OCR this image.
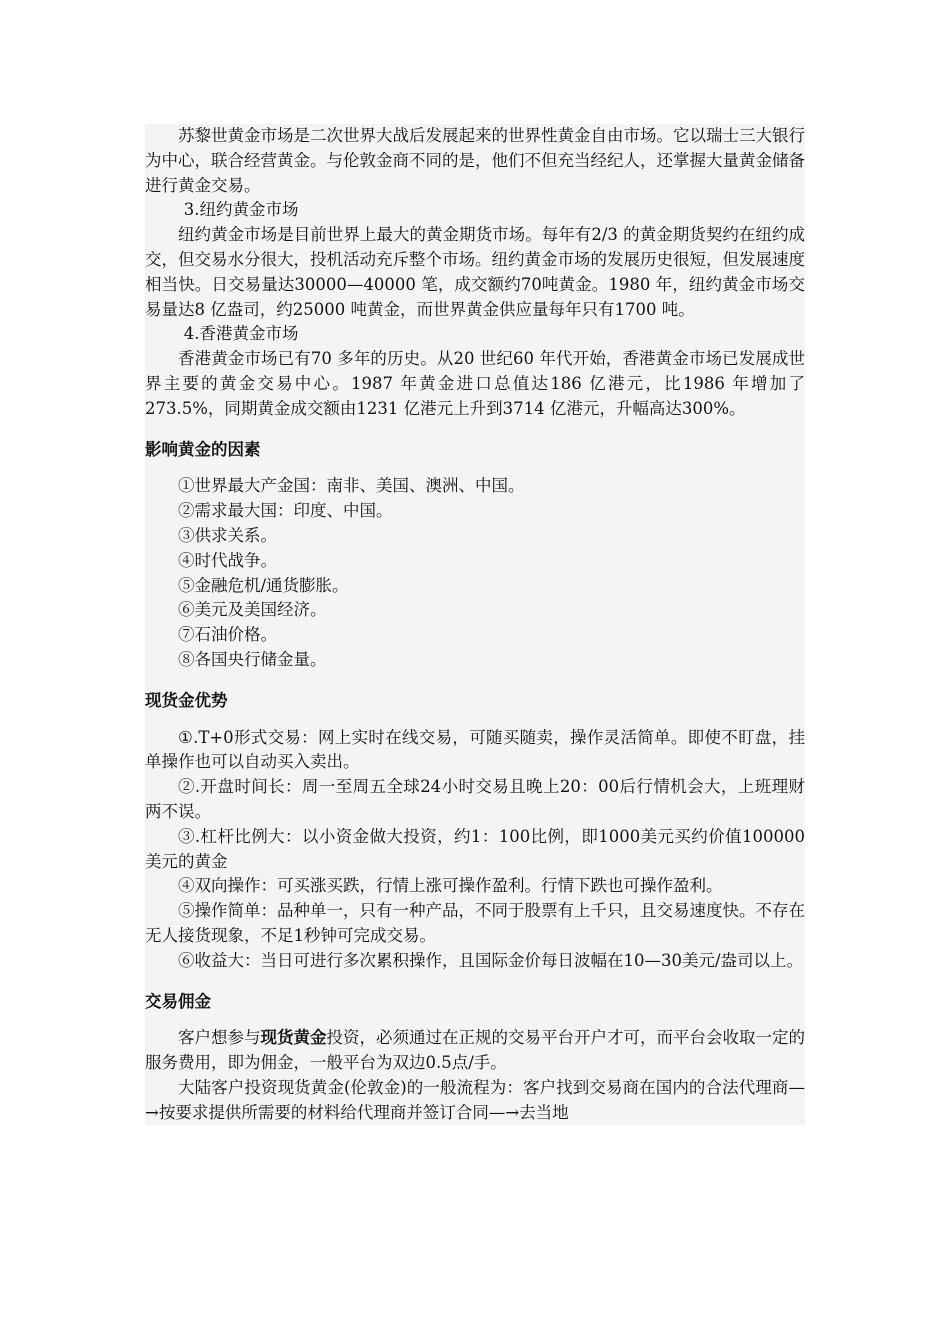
苏黎世黄金市场是二次世界大战后发展起来的世界性黄金自由市场。它以瑞士三大银行为中心，联合经营黄金。与伦敦金商不同的是，他们不但充当经纪人，还掌握大量黄金储备进行黄金交易。

3.纽约黄金市场

纽约黄金市场是目前世界上最大的黄金期货市场。每年有2/3 的黄金期货契约在纽约成交，但交易水分很大，投机活动充斥整个市场。纽约黄金市场的发展历史很短，但发展速度相当快。日交易量达30000—40000 笔，成交额约70吨黄金。1980 年，纽约黄金市场交易量达8 亿盎司，约25000 吨黄金，而世界黄金供应量每年只有1700 吨。

4.香港黄金市场

香港黄金市场已有70 多年的历史。从20 世纪60 年代开始，香港黄金市场已发展成世界主要的黄金交易中心。1987 年黄金进口总值达186 亿港元，比1986 年增加了273.5%，同期黄金成交额由1231 亿港元上升到3714 亿港元，升幅高达300%。

影响黄金的因素

①世界最大产金国：南非、美国、澳洲、中国。

②需求最大国：印度、中国。

③供求关系。

④时代战争。

⑤金融危机/通货膨胀。

⑥美元及美国经济。

⑦石油价格。

⑧各国央行储金量。

现货金优势

①.T+0形式交易：网上实时在线交易，可随买随卖，操作灵活简单。即使不盯盘，挂单操作也可以自动买入卖出。

②.开盘时间长：周一至周五全球24小时交易且晚上20：00后行情机会大，上班理财两不误。

③.杠杆比例大：以小资金做大投资，约1：100比例，即1000美元买约价值100000美元的黄金

④双向操作：可买涨买跌，行情上涨可操作盈利。行情下跌也可操作盈利。

⑤操作简单：品种单一，只有一种产品，不同于股票有上千只，且交易速度快。不存在无人接货现象，不足1秒钟可完成交易。

⑥收益大：当日可进行多次累积操作，且国际金价每日波幅在10—30美元/盎司以上。

交易佣金

客户想参与现货黄金投资，必须通过在正规的交易平台开户才可，而平台会收取一定的服务费用，即为佣金，一般平台为双边0.5点/手。

大陆客户投资现货黄金(伦敦金)的一般流程为：客户找到交易商在国内的合法代理商—→按要求提供所需要的材料给代理商并签订合同—→去当地
